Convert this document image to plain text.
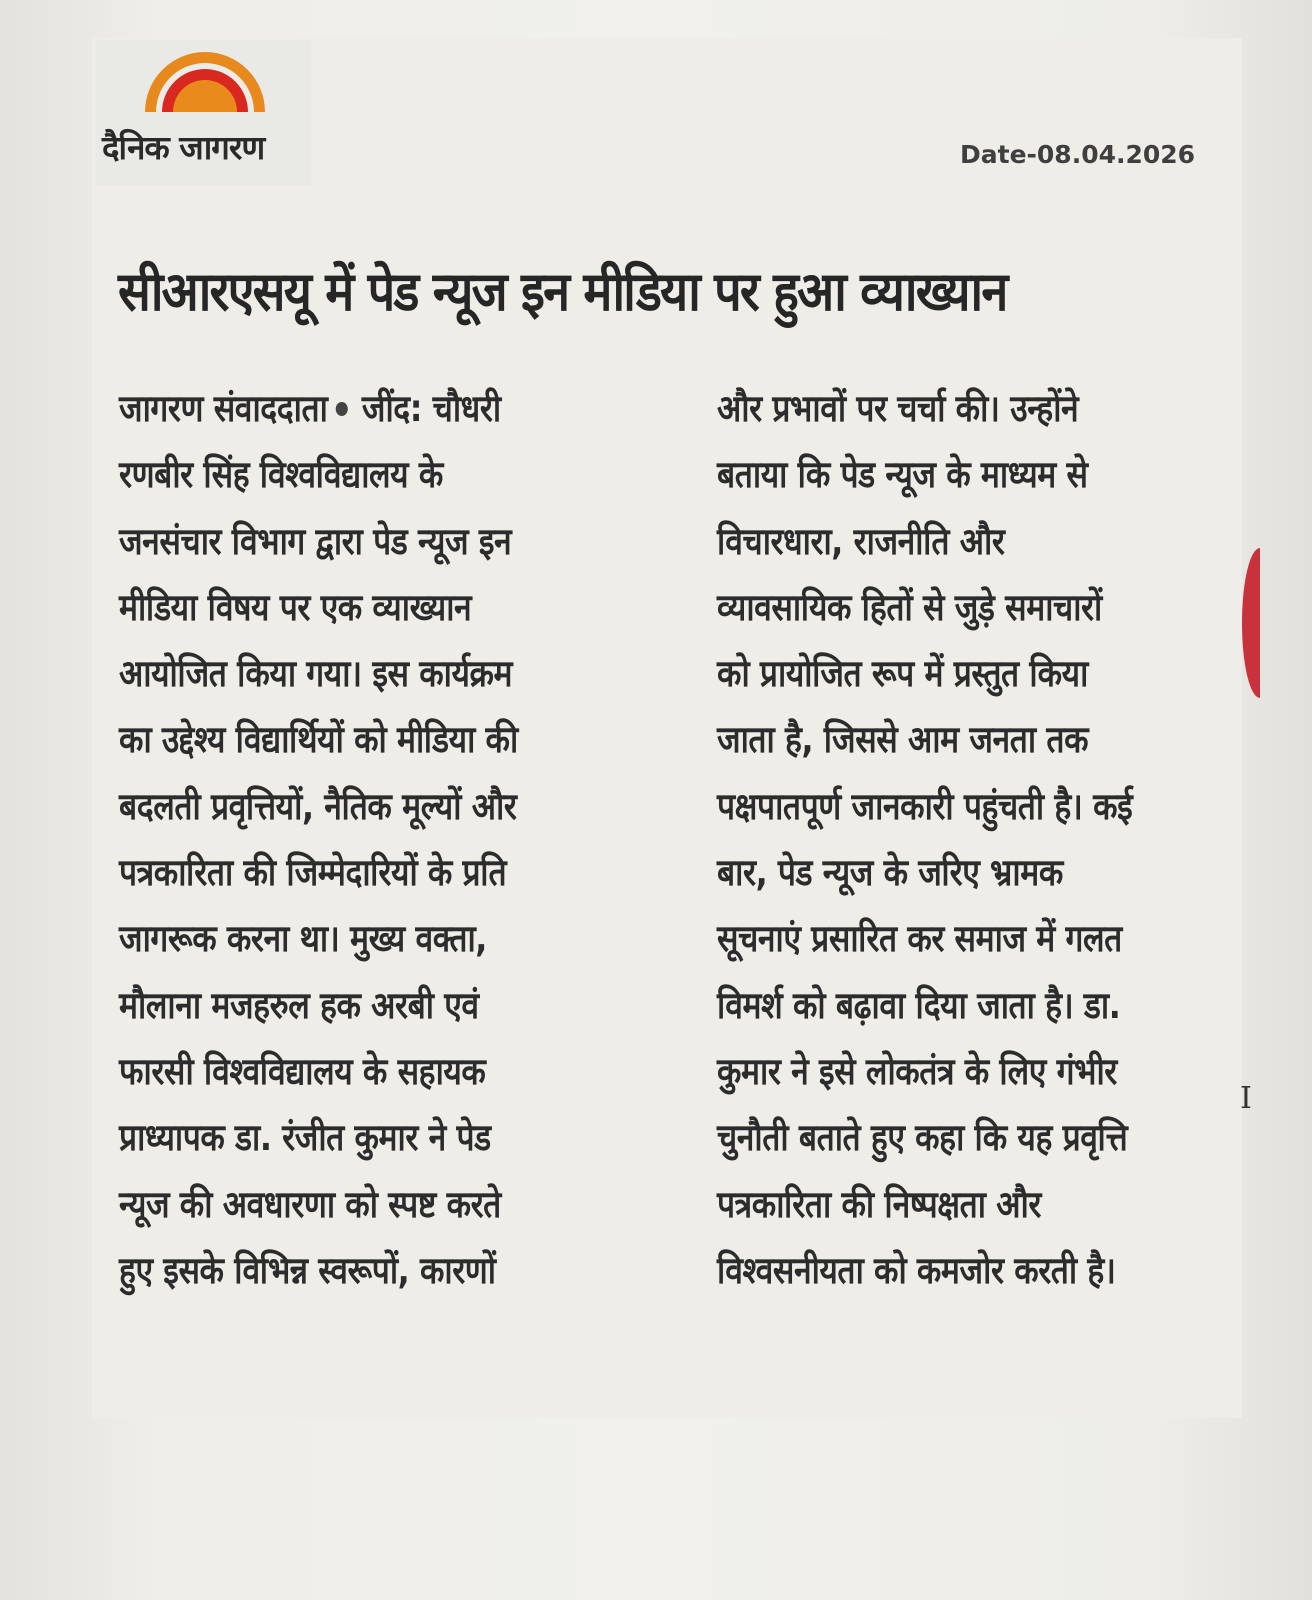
दैनिक जागरण	Date-08.04.2026
सीआरएसयू में पेड न्यूज इन मीडिया पर हुआ व्याख्यान
जागरण संवाददाता जींद: चौधरी
रणबीर सिंह विश्वविद्यालय के
जनसंचार विभाग द्वारा पेड न्यूज इन
मीडिया विषय पर एक व्याख्यान
आयोजित किया गया। इस कार्यक्रम
का उद्देश्य विद्यार्थियों को मीडिया की
बदलती प्रवृत्तियों, नैतिक मूल्यों और
पत्रकारिता की जिम्मेदारियों के प्रति
जागरूक करना था। मुख्य वक्ता,
मौलाना मजहरुल हक अरबी एवं
फारसी विश्वविद्यालय के सहायक
प्राध्यापक डा. रंजीत कुमार ने पेड
न्यूज की अवधारणा को स्पष्ट करते
हुए इसके विभिन्न स्वरूपों, कारणों
और प्रभावों पर चर्चा की। उन्होंने
बताया कि पेड न्यूज के माध्यम से
विचारधारा, राजनीति और
व्यावसायिक हितों से जुड़े समाचारों
को प्रायोजित रूप में प्रस्तुत किया
जाता है, जिससे आम जनता तक
पक्षपातपूर्ण जानकारी पहुंचती है। कई
बार, पेड न्यूज के जरिए भ्रामक
सूचनाएं प्रसारित कर समाज में गलत
विमर्श को बढ़ावा दिया जाता है। डा.
कुमार ने इसे लोकतंत्र के लिए गंभीर
चुनौती बताते हुए कहा कि यह प्रवृत्ति
पत्रकारिता की निष्पक्षता और
विश्वसनीयता को कमजोर करती है।
I
